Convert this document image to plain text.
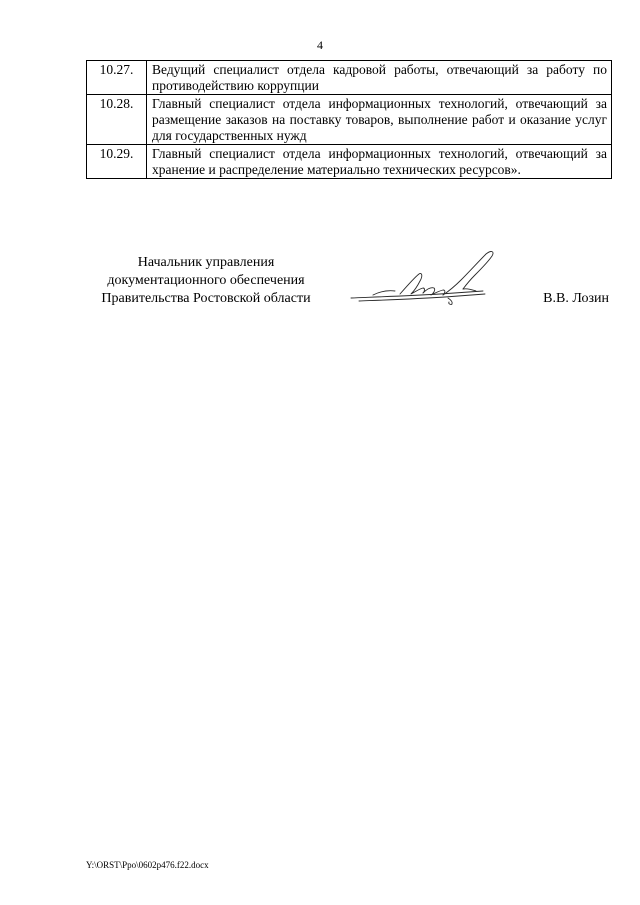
4
10.27.	Ведущий специалист отдела кадровой работы, отвечающий за работу по противодействию коррупции
10.28.	Главный специалист отдела информационных технологий, отвечающий за размещение заказов на поставку товаров, выполнение работ и оказание услуг для государственных нужд
10.29.	Главный специалист отдела информационных технологий, отвечающий за хранение и распределение материально технических ресурсов».
Начальник управления
документационного обеспечения
Правительства Ростовской области	В.В. Лозин
Y:\ORST\Ppo\0602p476.f22.docx
